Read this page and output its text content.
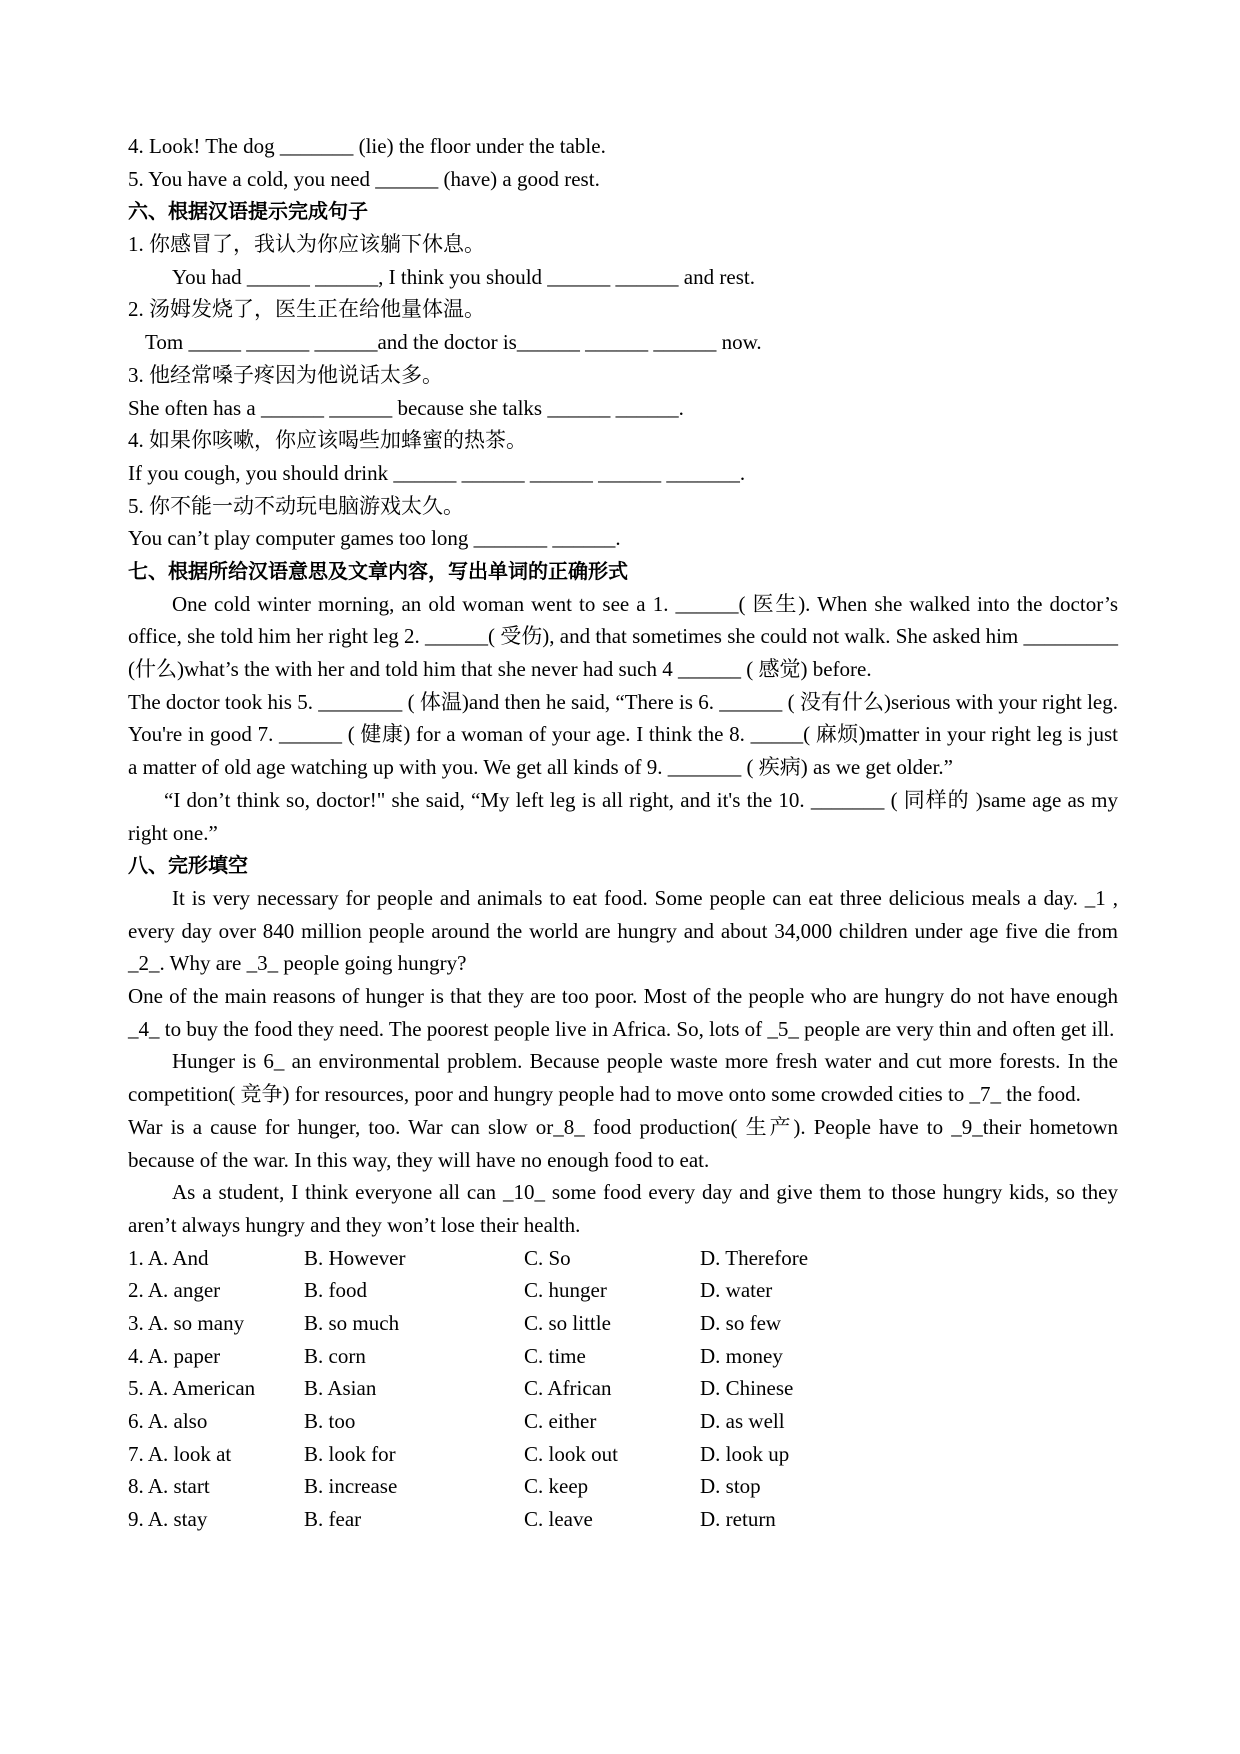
4. Look! The dog _______ (lie) the floor under the table.
5. You have a cold, you need ______ (have) a good rest.
六、根据汉语提示完成句子
1. 你感冒了，我认为你应该躺下休息。
You had ______ ______, I think you should ______ ______ and rest.
2. 汤姆发烧了，医生正在给他量体温。
Tom _____ ______ ______and the doctor is______ ______ ______ now.
3. 他经常嗓子疼因为他说话太多。
She often has a ______ ______ because she talks ______ ______.
4. 如果你咳嗽，你应该喝些加蜂蜜的热茶。
If you cough, you should drink ______ ______ ______ ______ _______.
5. 你不能一动不动玩电脑游戏太久。
You can’t play computer games too long _______ ______.
七、根据所给汉语意思及文章内容，写出单词的正确形式
One cold winter morning, an old woman went to see a 1. ______( 医生). When she walked into the doctor’s office, she told him her right leg 2. ______( 受伤), and that sometimes she could not walk. She asked him _________ (什么)what’s the with her and told him that she never had such 4 ______ ( 感觉) before.
The doctor took his 5. ________ ( 体温)and then he said, “There is 6. ______ ( 没有什么)serious with your right leg. You're in good 7. ______ ( 健康) for a woman of your age. I think the 8. _____( 麻烦)matter in your right leg is just a matter of old age watching up with you. We get all kinds of 9. _______ ( 疾病) as we get older.”
“I don’t think so, doctor!" she said, “My left leg is all right, and it's the 10. _______ ( 同样的 )same age as my right one.”
八、完形填空
It is very necessary for people and animals to eat food. Some people can eat three delicious meals a day. _1 , every day over 840 million people around the world are hungry and about 34,000 children under age five die from _2_. Why are _3_ people going hungry?
One of the main reasons of hunger is that they are too poor. Most of the people who are hungry do not have enough _4_ to buy the food they need. The poorest people live in Africa. So, lots of _5_ people are very thin and often get ill.
Hunger is 6_ an environmental problem. Because people waste more fresh water and cut more forests. In the competition( 竞争) for resources, poor and hungry people had to move onto some crowded cities to _7_ the food.
War is a cause for hunger, too. War can slow or_8_ food production( 生产). People have to _9_their hometown because of the war. In this way, they will have no enough food to eat.
As a student, I think everyone all can _10_ some food every day and give them to those hungry kids, so they aren’t always hungry and they won’t lose their health.
1. A. And	B. However	C. So	D. Therefore
2. A. anger	B. food	C. hunger	D. water
3. A. so many	B. so much	C. so little	D. so few
4. A. paper	B. corn	C. time	D. money
5. A. American	B. Asian	C. African	D. Chinese
6. A. also	B. too	C. either	D. as well
7. A. look at	B. look for	C. look out	D. look up
8. A. start	B. increase	C. keep	D. stop
9. A. stay	B. fear	C. leave	D. return
